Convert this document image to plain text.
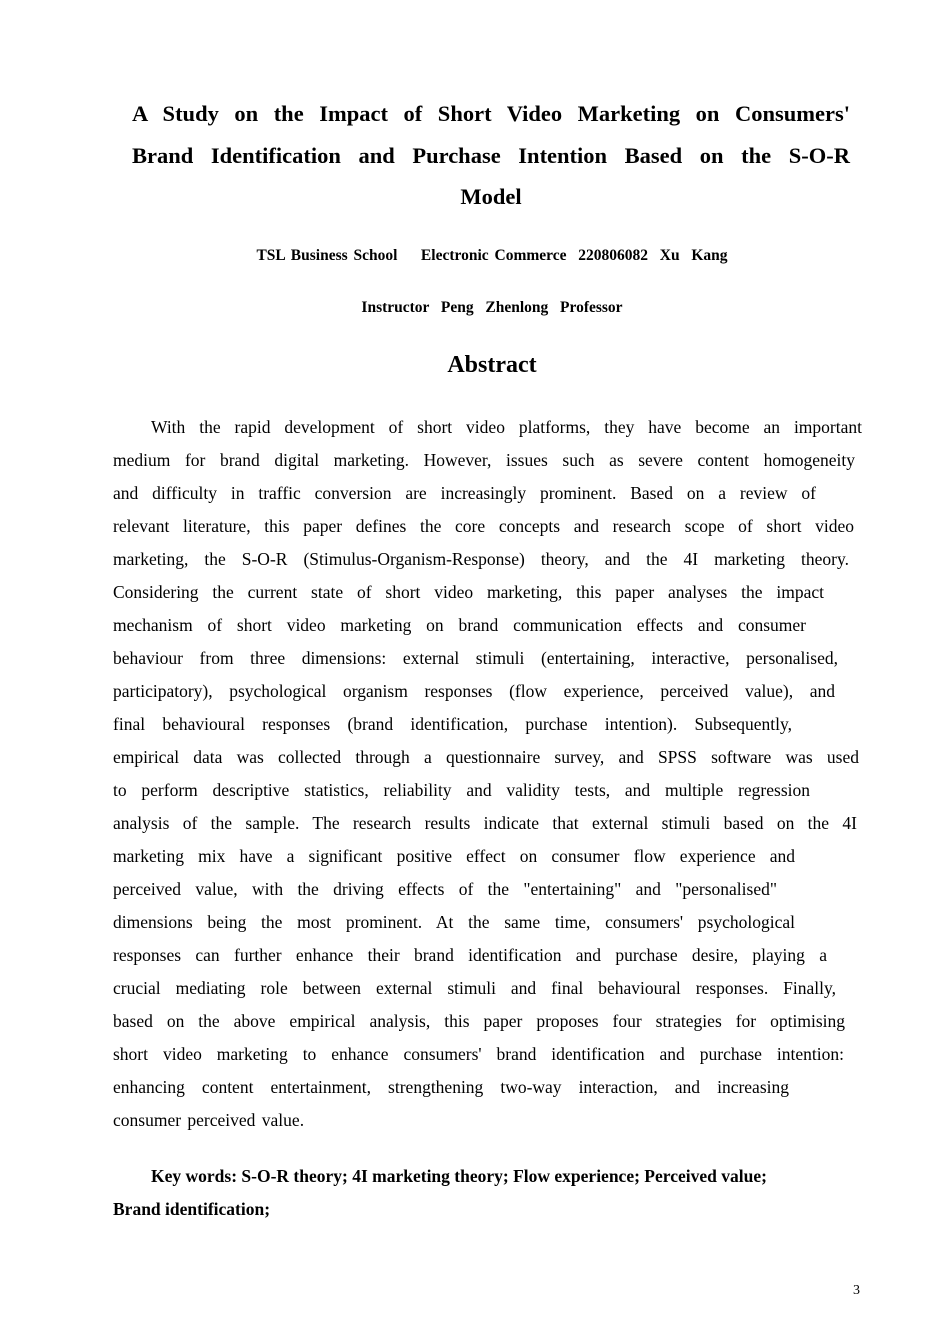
A Study on the Impact of Short Video Marketing on Consumers'
Brand Identification and Purchase Intention Based on the S-O-R
Model
TSL Business School    Electronic Commerce  220806082  Xu  Kang
Instructor  Peng  Zhenlong  Professor
Abstract
With the rapid development of short video platforms, they have become an important
medium for brand digital marketing. However, issues such as severe content homogeneity
and difficulty in traffic conversion are increasingly prominent. Based on a review of
relevant literature, this paper defines the core concepts and research scope of short video
marketing, the S-O-R (Stimulus-Organism-Response) theory, and the 4I marketing theory.
Considering the current state of short video marketing, this paper analyses the impact
mechanism of short video marketing on brand communication effects and consumer
behaviour from three dimensions: external stimuli (entertaining, interactive, personalised,
participatory), psychological organism responses (flow experience, perceived value), and
final behavioural responses (brand identification, purchase intention). Subsequently,
empirical data was collected through a questionnaire survey, and SPSS software was used
to perform descriptive statistics, reliability and validity tests, and multiple regression
analysis of the sample. The research results indicate that external stimuli based on the 4I
marketing mix have a significant positive effect on consumer flow experience and
perceived value, with the driving effects of the "entertaining" and "personalised"
dimensions being the most prominent. At the same time, consumers' psychological
responses can further enhance their brand identification and purchase desire, playing a
crucial mediating role between external stimuli and final behavioural responses. Finally,
based on the above empirical analysis, this paper proposes four strategies for optimising
short video marketing to enhance consumers' brand identification and purchase intention:
enhancing content entertainment, strengthening two-way interaction, and increasing
consumer perceived value.
Key words: S-O-R theory; 4I marketing theory; Flow experience; Perceived value;
Brand identification;
3
